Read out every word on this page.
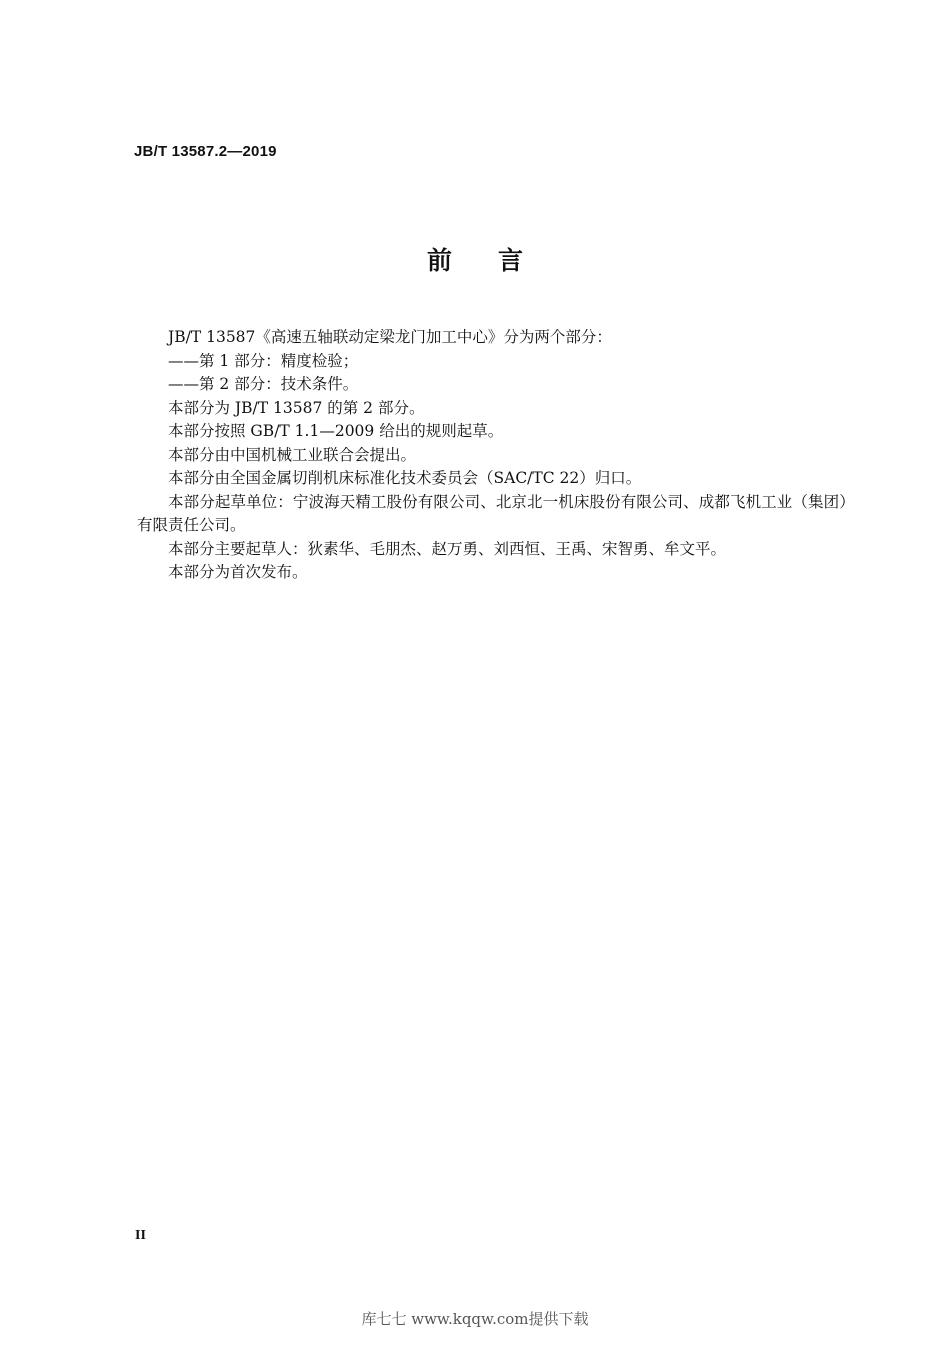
JB/T 13587.2—2019
前言

JB/T 13587《高速五轴联动定梁龙门加工中心》分为两个部分：

——第 1 部分：精度检验；

——第 2 部分：技术条件。

本部分为 JB/T 13587 的第 2 部分。

本部分按照 GB/T 1.1—2009 给出的规则起草。

本部分由中国机械工业联合会提出。

本部分由全国金属切削机床标准化技术委员会（SAC/TC 22）归口。

本部分起草单位：宁波海天精工股份有限公司、北京北一机床股份有限公司、成都飞机工业（集团）有限责任公司。

本部分主要起草人：狄素华、毛朋杰、赵万勇、刘西恒、王禹、宋智勇、牟文平。

本部分为首次发布。

II
库七七 www.kqqw.com提供下载
